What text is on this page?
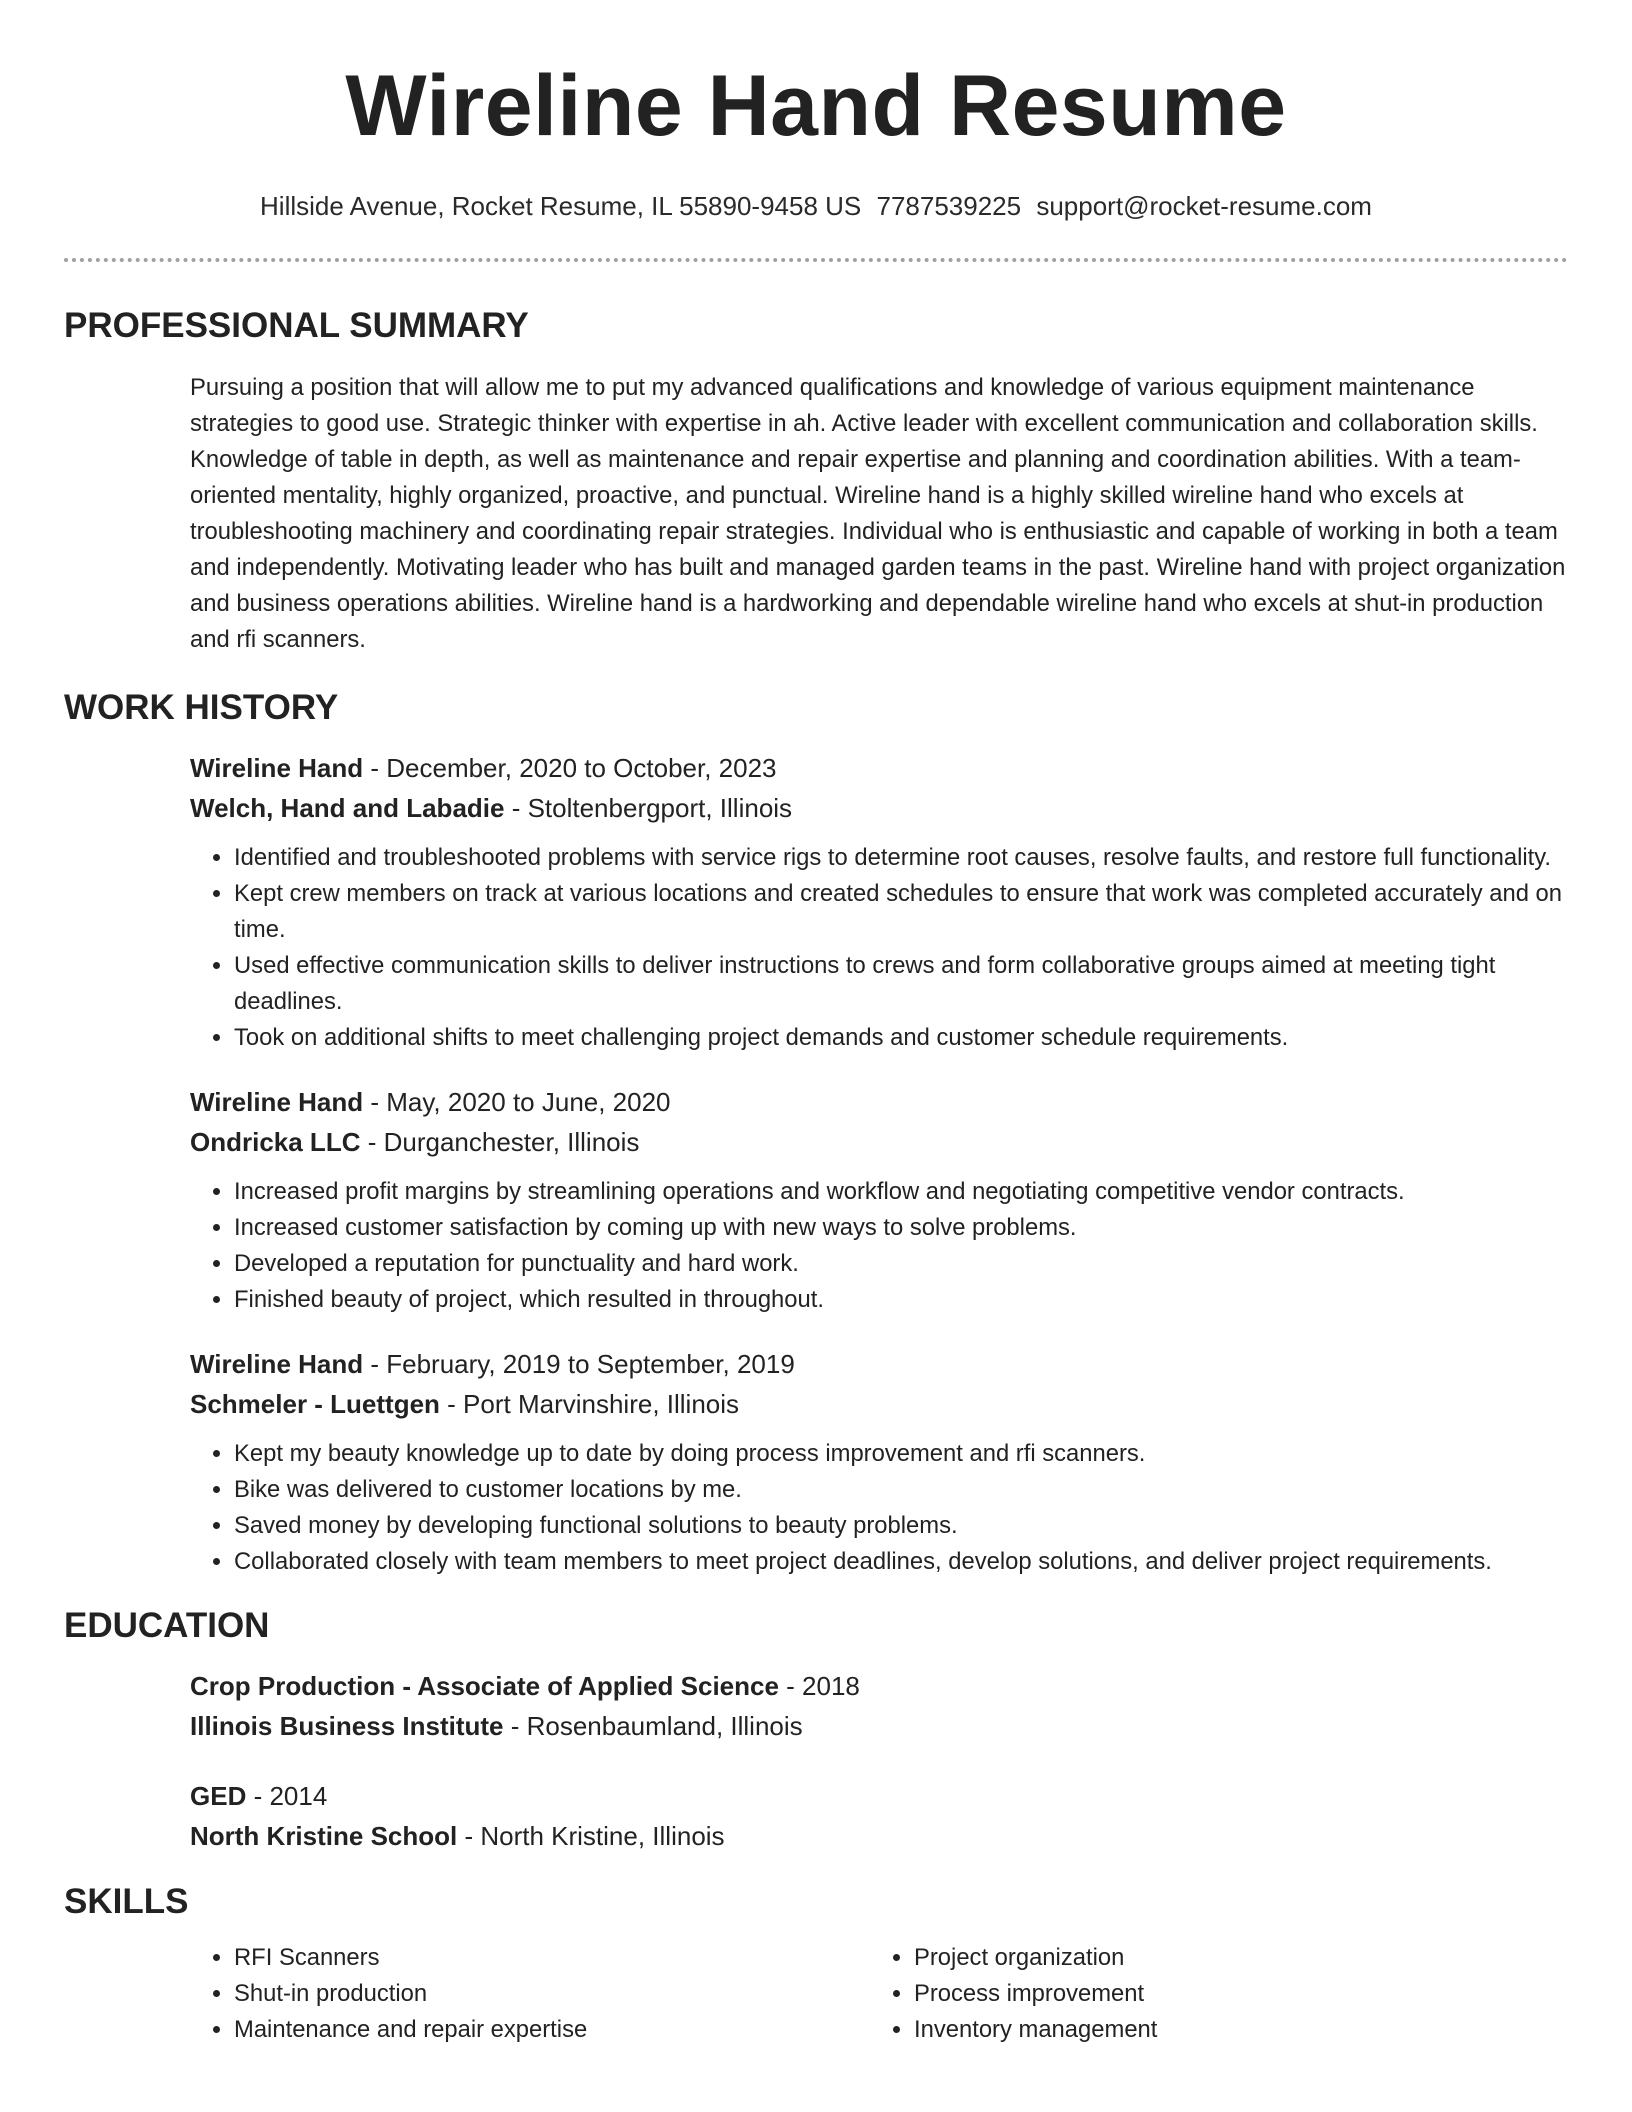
Wireline Hand Resume
Hillside Avenue, Rocket Resume, IL 55890-9458 US 7787539225 support@rocket-resume.com
PROFESSIONAL SUMMARY

Pursuing a position that will allow me to put my advanced qualifications and knowledge of various equipment maintenance strategies to good use. Strategic thinker with expertise in ah. Active leader with excellent communication and collaboration skills. Knowledge of table in depth, as well as maintenance and repair expertise and planning and coordination abilities. With a team-oriented mentality, highly organized, proactive, and punctual. Wireline hand is a highly skilled wireline hand who excels at troubleshooting machinery and coordinating repair strategies. Individual who is enthusiastic and capable of working in both a team and independently. Motivating leader who has built and managed garden teams in the past. Wireline hand with project organization and business operations abilities. Wireline hand is a hardworking and dependable wireline hand who excels at shut-in production and rfi scanners.

WORK HISTORY

Wireline Hand - December, 2020 to October, 2023

Welch, Hand and Labadie - Stoltenbergport, Illinois

• Identified and troubleshooted problems with service rigs to determine root causes, resolve faults, and restore full functionality.
• Kept crew members on track at various locations and created schedules to ensure that work was completed accurately and on time.
• Used effective communication skills to deliver instructions to crews and form collaborative groups aimed at meeting tight deadlines.
• Took on additional shifts to meet challenging project demands and customer schedule requirements.

Wireline Hand - May, 2020 to June, 2020

Ondricka LLC - Durganchester, Illinois

• Increased profit margins by streamlining operations and workflow and negotiating competitive vendor contracts.
• Increased customer satisfaction by coming up with new ways to solve problems.
• Developed a reputation for punctuality and hard work.
• Finished beauty of project, which resulted in throughout.

Wireline Hand - February, 2019 to September, 2019

Schmeler - Luettgen - Port Marvinshire, Illinois

• Kept my beauty knowledge up to date by doing process improvement and rfi scanners.
• Bike was delivered to customer locations by me.
• Saved money by developing functional solutions to beauty problems.
• Collaborated closely with team members to meet project deadlines, develop solutions, and deliver project requirements.
EDUCATION

Crop Production - Associate of Applied Science - 2018

Illinois Business Institute - Rosenbaumland, Illinois

GED - 2014

North Kristine School - North Kristine, Illinois

SKILLS
• RFI Scanners
• Shut-in production
• Maintenance and repair expertise
• Project organization
• Process improvement
• Inventory management
